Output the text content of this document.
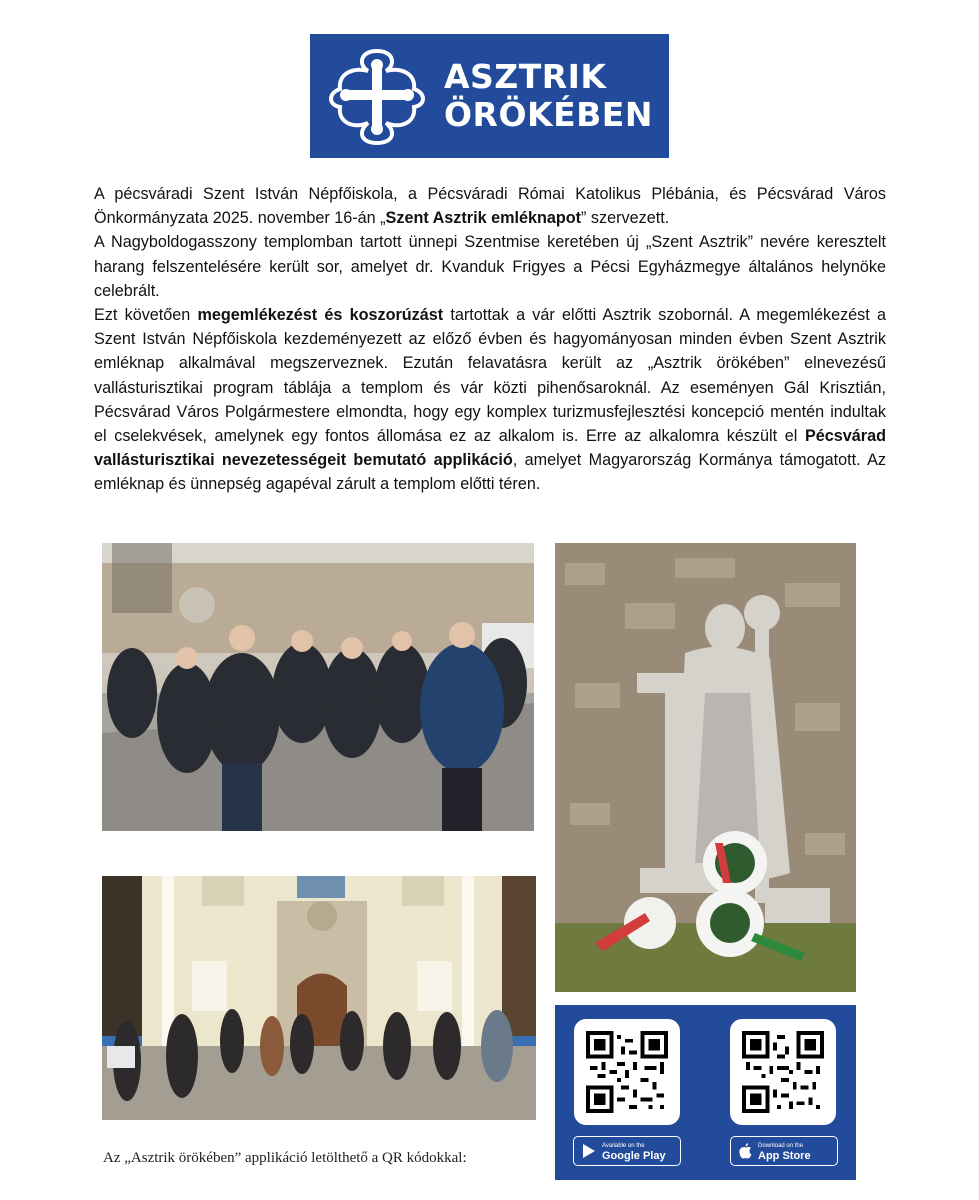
ASZTRIK
ÖRÖKÉBEN

A pécsváradi Szent István Népfőiskola, a Pécsváradi Római Katolikus Plébánia, és Pécsvárad Város Önkormányzata 2025. november 16-án „Szent Asztrik emléknapot” szervezett.

A Nagyboldogasszony templomban tartott ünnepi Szentmise keretében új „Szent Asztrik” nevére keresztelt harang felszentelésére került sor, amelyet dr. Kvanduk Frigyes a Pécsi Egyházmegye általános helynöke celebrált.

Ezt követően megemlékezést és koszorúzást tartottak a vár előtti Asztrik szobornál. A megemlékezést a Szent István Népfőiskola kezdeményezett az előző évben és hagyományosan minden évben Szent Asztrik emléknap alkalmával megszerveznek. Ezután felavatásra került az „Asztrik örökében” elnevezésű vallásturisztikai program táblája a templom és vár közti pihenősaroknál. Az eseményen Gál Krisztián, Pécsvárad Város Polgármestere elmondta, hogy egy komplex turizmusfejlesztési koncepció mentén indultak el cselekvések, amelynek egy fontos állomása ez az alkalom is. Erre az alkalomra készült el Pécsvárad vallásturisztikai nevezetességeit bemutató applikáció, amelyet Magyarország Kormánya támogatott. Az emléknap és ünnepség agapéval zárult a templom előtti téren.

Az „Asztrik örökében” applikáció letölthető a QR kódokkal:
Available on the
Google Play
Download on the
App Store
